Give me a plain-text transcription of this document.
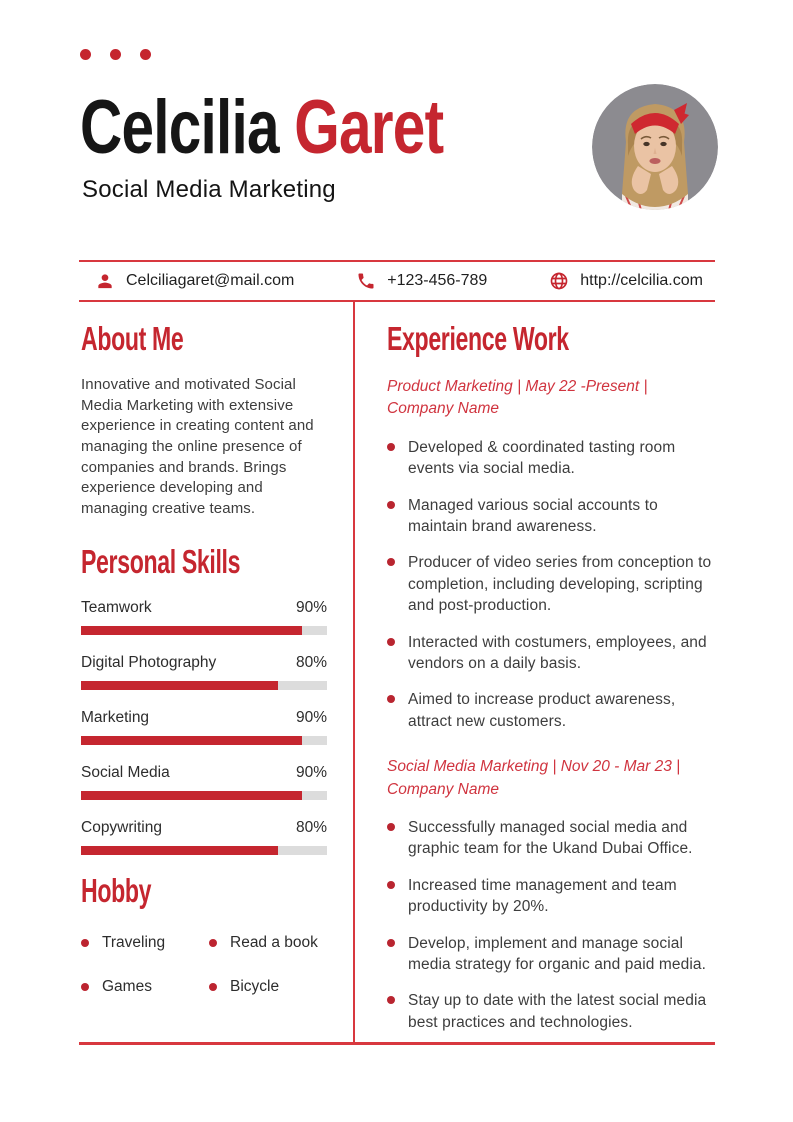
Celcilia Garet
Social Media Marketing
Celciliagaret@mail.com	+123-456-789	http://celcilia.com
About Me

Innovative and motivated Social Media Marketing with extensive experience in creating content and managing the online presence of companies and brands. Brings experience developing and managing creative teams.

Personal Skills
Teamwork	90%
Digital Photography	80%
Marketing	90%
Social Media	90%
Copywriting	80%
Hobby
Traveling	Read a book
Games	Bicycle
Experience Work
Product Marketing | May 22 -Present | Company Name
Developed & coordinated tasting room events via social media.
Managed various social accounts to maintain brand awareness.
Producer of video series from conception to completion, including developing, scripting and post-production.
Interacted with costumers, employees, and vendors on a daily basis.
Aimed to increase product awareness, attract new customers.
Social Media Marketing | Nov 20 - Mar 23 | Company Name
Successfully managed social media and graphic team for the Ukand Dubai Office.
Increased time management and team productivity by 20%.
Develop, implement and manage social media strategy for organic and paid media.
Stay up to date with the latest social media best practices and technologies.
